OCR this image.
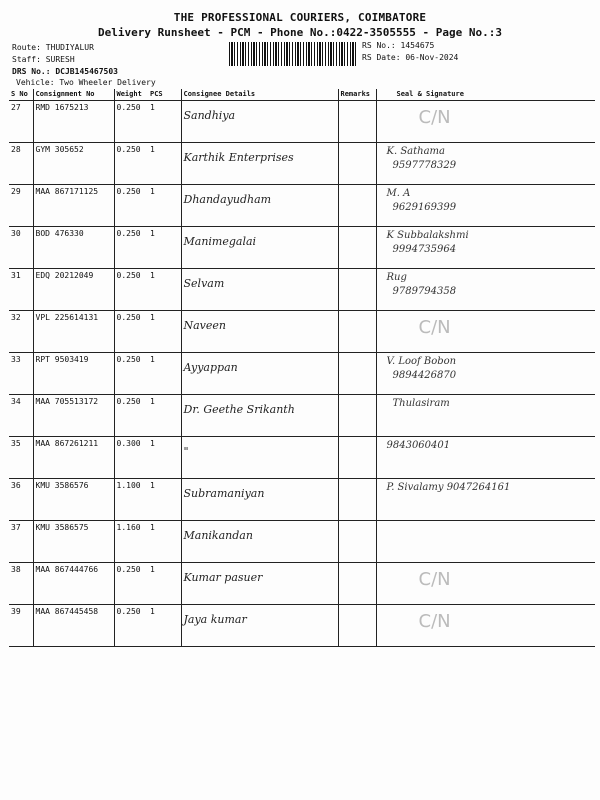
THE PROFESSIONAL COURIERS, COIMBATORE
Delivery Runsheet - PCM - Phone No.:0422-3505555 - Page No.:3
Route: THUDIYALUR
Staff: SURESH
DRS No.: DCJB145467503
Vehicle: Two Wheeler Delivery
RS No.: 1454675
RS Date: 06-Nov-2024
S No	Consignment No	Weight	PCS	Consignee Details	Remarks	Seal & Signature
27	RMD 1675213	0.250	1	Sandhiya		C/N

28	GYM 305652	0.250	1	Karthik Enterprises		K. Sathama
9597778329

29	MAA 867171125	0.250	1	Dhandayudham		M. A
9629169399

30	BOD 476330	0.250	1	Manimegalai		K Subbalakshmi
9994735964

31	EDQ 20212049	0.250	1	Selvam		Rug
9789794358

32	VPL 225614131	0.250	1	Naveen		C/N

33	RPT 9503419	0.250	1	Ayyappan		V. Loof Bobon
9894426870

34	MAA 705513172	0.250	1	Dr. Geethe Srikanth		Thulasiram

35	MAA 867261211	0.300	1	"		9843060401

36	KMU 3586576	1.100	1	Subramaniyan		P. Sivalamy 9047264161

37	KMU 3586575	1.160	1	Manikandan		

38	MAA 867444766	0.250	1	Kumar pasuer		C/N

39	MAA 867445458	0.250	1	Jaya kumar		C/N
